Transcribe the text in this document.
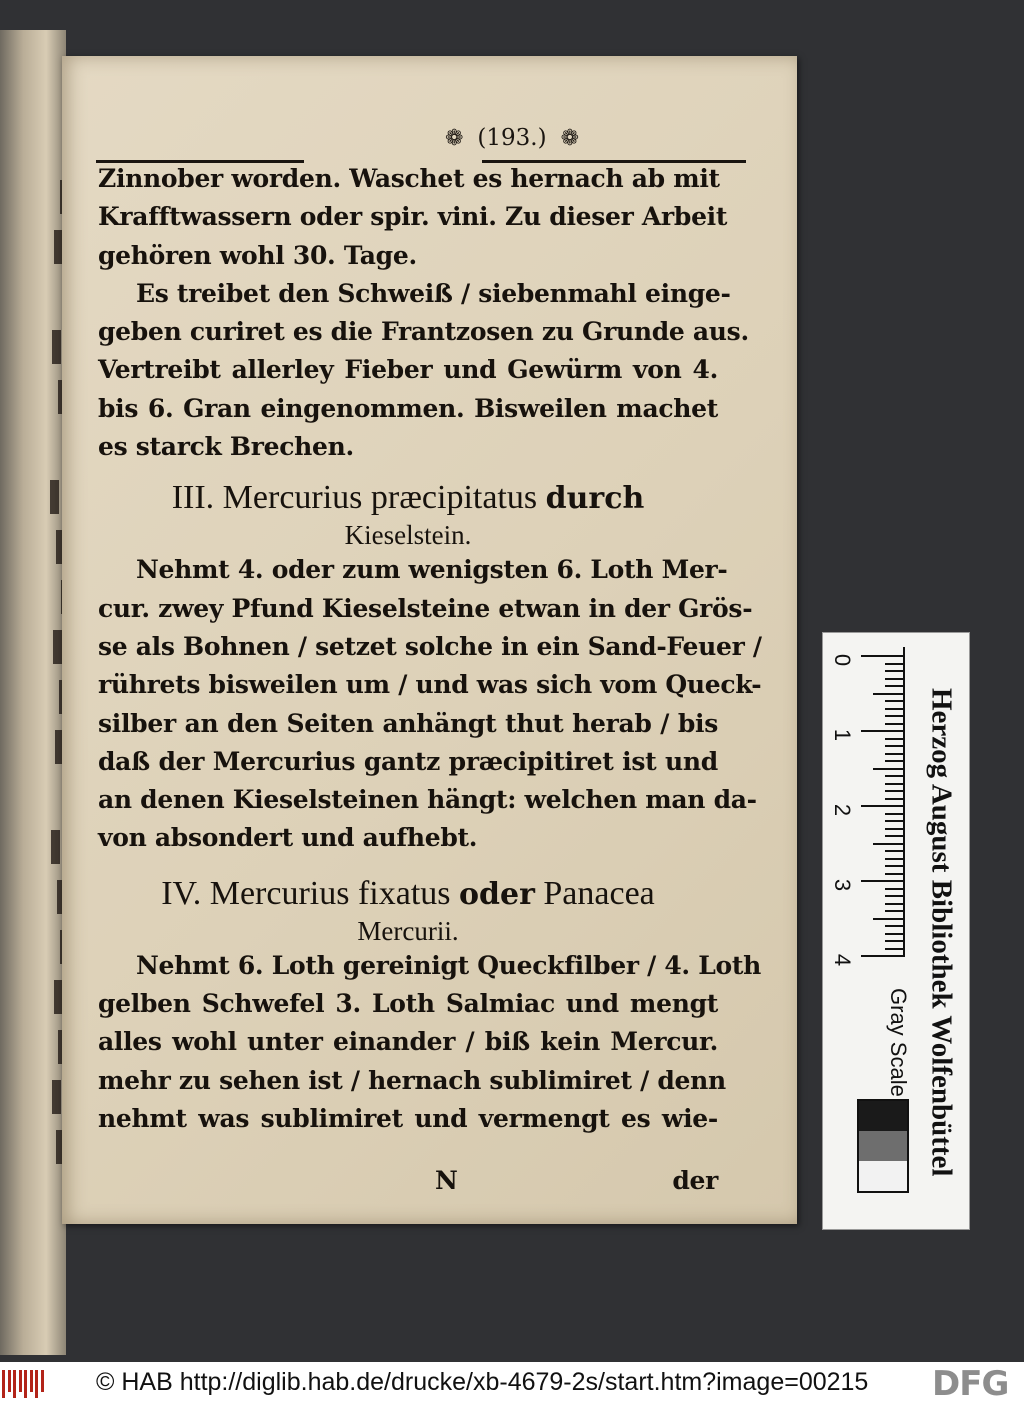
❁ (193.) ❁
Zinnober worden. Waschet es hernach ab mit
Krafftwassern oder spir. vini. Zu dieser Arbeit
gehören wohl 30. Tage.
Es treibet den Schweiß / siebenmahl einge-
geben curiret es die Frantzosen zu Grunde aus.
Vertreibt allerley Fieber und Gewürm von 4.
bis 6. Gran eingenommen. Bisweilen machet
es starck Brechen.
III. Mercurius præcipitatus durch
Kieselstein.
Nehmt 4. oder zum wenigsten 6. Loth Mer-
cur. zwey Pfund Kieselsteine etwan in der Grös-
se als Bohnen / setzet solche in ein Sand-Feuer /
rührets bisweilen um / und was sich vom Queck-
silber an den Seiten anhängt thut herab / bis
daß der Mercurius gantz præcipitiret ist und
an denen Kieselsteinen hängt: welchen man da-
von absondert und aufhebt.
IV. Mercurius fixatus oder Panacea
Mercurii.
Nehmt 6. Loth gereinigt Queckfilber / 4. Loth
gelben Schwefel 3. Loth Salmiac und mengt
alles wohl unter einander / biß kein Mercur.
mehr zu sehen ist / hernach sublimiret / denn
nehmt was sublimiret und vermengt es wie-
N	der
0
1
2
3
4
Gray Scale Herzog August Bibliothek Wolfenbüttel
© HAB http://diglib.hab.de/drucke/xb-4679-2s/start.htm?image=00215 DFG
